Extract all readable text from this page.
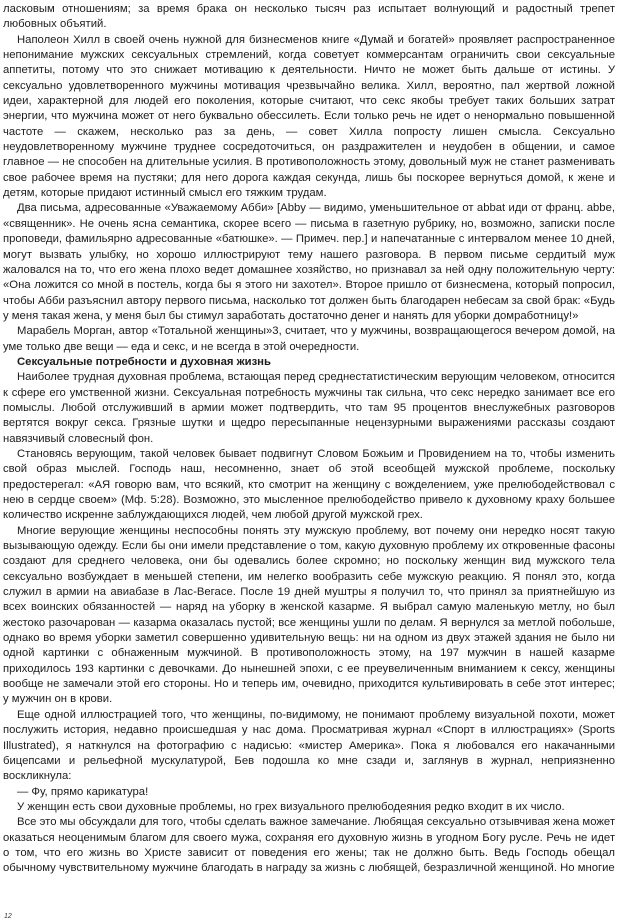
ласковым отношениям; за время брака он несколько тысяч раз испытает волнующий и радостный трепет любовных объятий.

Наполеон Хилл в своей очень нужной для бизнесменов книге «Думай и богатей» проявляет распространенное непонимание мужских сексуальных стремлений, когда советует коммерсантам ограничить свои сексуальные аппетиты, потому что это снижает мотивацию к деятельности. Ничто не может быть дальше от истины. У сексуально удовлетворенного мужчины мотивация чрезвычайно велика. Хилл, вероятно, пал жертвой ложной идеи, характерной для людей его поколения, которые считают, что секс якобы требует таких больших затрат энергии, что мужчина может от него буквально обессилеть. Если только речь не идет о ненормально повышенной частоте — скажем, несколько раз за день, — совет Хилла попросту лишен смысла. Сексуально неудовлетворенному мужчине труднее сосредоточиться, он раздражителен и неудобен в общении, и самое главное — не способен на длительные усилия. В противоположность этому, довольный муж не станет разменивать свое рабочее время на пустяки; для него дорога каждая секунда, лишь бы поскорее вернуться домой, к жене и детям, которые придают истинный смысл его тяжким трудам.

Два письма, адресованные «Уважаемому Абби» [Abby — видимо, уменьшительное от abbat иди от франц. abbe, «священник». Не очень ясна семантика, скорее всего — письма в газетную рубрику, но, возможно, записки после проповеди, фамильярно адресованные «батюшке». — Примеч. пер.] и напечатанные с интервалом менее 10 дней, могут вызвать улыбку, но хорошо иллюстрируют тему нашего разговора. В первом письме сердитый муж жаловался на то, что его жена плохо ведет домашнее хозяйство, но признавал за ней одну положительную черту: «Она ложится со мной в постель, когда бы я этого ни захотел». Второе пришло от бизнесмена, который попросил, чтобы Абби разъяснил автору первого письма, насколько тот должен быть благодарен небесам за свой брак: «Будь у меня такая жена, у меня был бы стимул заработать достаточно денег и нанять для уборки домработницу!»

Марабель Морган, автор «Тотальной женщины»3, считает, что у мужчины, возвращающегося вечером домой, на уме только две вещи — еда и секс, и не всегда в этой очередности.

Сексуальные потребности и духовная жизнь

Наиболее трудная духовная проблема, встающая перед среднестатистическим верующим человеком, относится к сфере его умственной жизни. Сексуальная потребность мужчины так сильна, что секс нередко занимает все его помыслы. Любой отслуживший в армии может подтвердить, что там 95 процентов внеслужебных разговоров вертятся вокруг секса. Грязные шутки и щедро пересыпанные нецензурными выражениями рассказы создают навязчивый словесный фон.

Становясь верующим, такой человек бывает подвигнут Словом Божьим и Провидением на то, чтобы изменить свой образ мыслей. Господь наш, несомненно, знает об этой всеобщей мужской проблеме, поскольку предостерегал: «АЯ говорю вам, что всякий, кто смотрит на женщину с вожделением, уже прелюбодействовал с нею в сердце своем» (Мф. 5:28). Возможно, это мысленное прелюбодейство привело к духовному краху большее количество искренне заблуждающихся людей, чем любой другой мужской грех.

Многие верующие женщины неспособны понять эту мужскую проблему, вот почему они нередко носят такую вызывающую одежду. Если бы они имели представление о том, какую духовную проблему их откровенные фасоны создают для среднего человека, они бы одевались более скромно; но поскольку женщин вид мужского тела сексуально возбуждает в меньшей степени, им нелегко вообразить себе мужскую реакцию. Я понял это, когда служил в армии на авиабазе в Лас-Вегасе. После 19 дней муштры я получил то, что принял за приятнейшую из всех воинских обязанностей — наряд на уборку в женской казарме. Я выбрал самую маленькую метлу, но был жестоко разочарован — казарма оказалась пустой; все женщины ушли по делам. Я вернулся за метлой побольше, однако во время уборки заметил совершенно удивительную вещь: ни на одном из двух этажей здания не было ни одной картинки с обнаженным мужчиной. В противоположность этому, на 197 мужчин в нашей казарме приходилось 193 картинки с девочками. До нынешней эпохи, с ее преувеличенным вниманием к сексу, женщины вообще не замечали этой его стороны. Но и теперь им, очевидно, приходится культивировать в себе этот интерес; у мужчин он в крови.

Еще одной иллюстрацией того, что женщины, по-видимому, не понимают проблему визуальной похоти, может послужить история, недавно происшедшая у нас дома. Просматривая журнал «Спорт в иллюстрациях» (Sports Illustrated), я наткнулся на фотографию с надисью: «мистер Америка». Пока я любовался его накачанными бицепсами и рельефной мускулатурой, Бев подошла ко мне сзади и, заглянув в журнал, неприязненно воскликнула:

— Фу, прямо карикатура!

У женщин есть свои духовные проблемы, но грех визуального прелюбодеяния редко входит в их число.

Все это мы обсуждали для того, чтобы сделать важное замечание. Любящая сексуально отзывчивая жена может оказаться неоценимым благом для своего мужа, сохраняя его духовную жизнь в угодном Богу русле. Речь не идет о том, что его жизнь во Христе зависит от поведения его жены; так не должно быть. Ведь Господь обещал обычному чувствительному мужчине благодать в награду за жизнь с любящей, безразличной женщиной. Но многие

12
